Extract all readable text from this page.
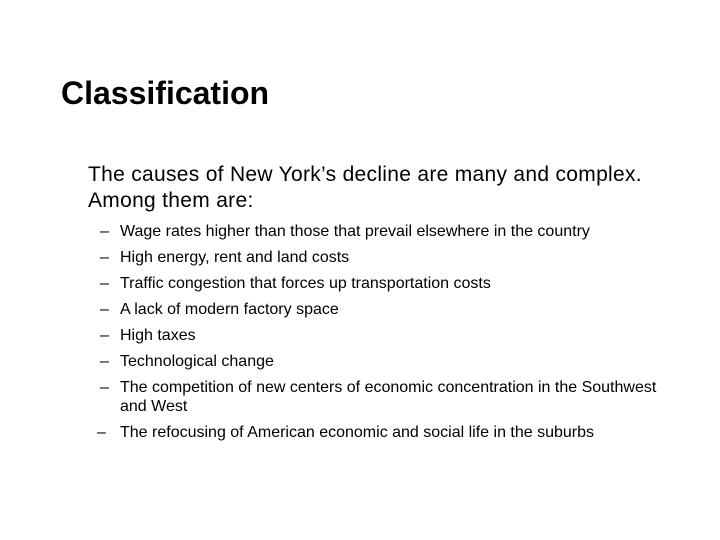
Classification
The causes of New York’s decline are many and complex. Among them are:
– Wage rates higher than those that prevail elsewhere in the country
– High energy, rent and land costs
– Traffic congestion that forces up transportation costs
– A lack of modern factory space
– High taxes
– Technological change
– The competition of new centers of economic concentration in the Southwest and West
– The refocusing of American economic and social life in the suburbs
